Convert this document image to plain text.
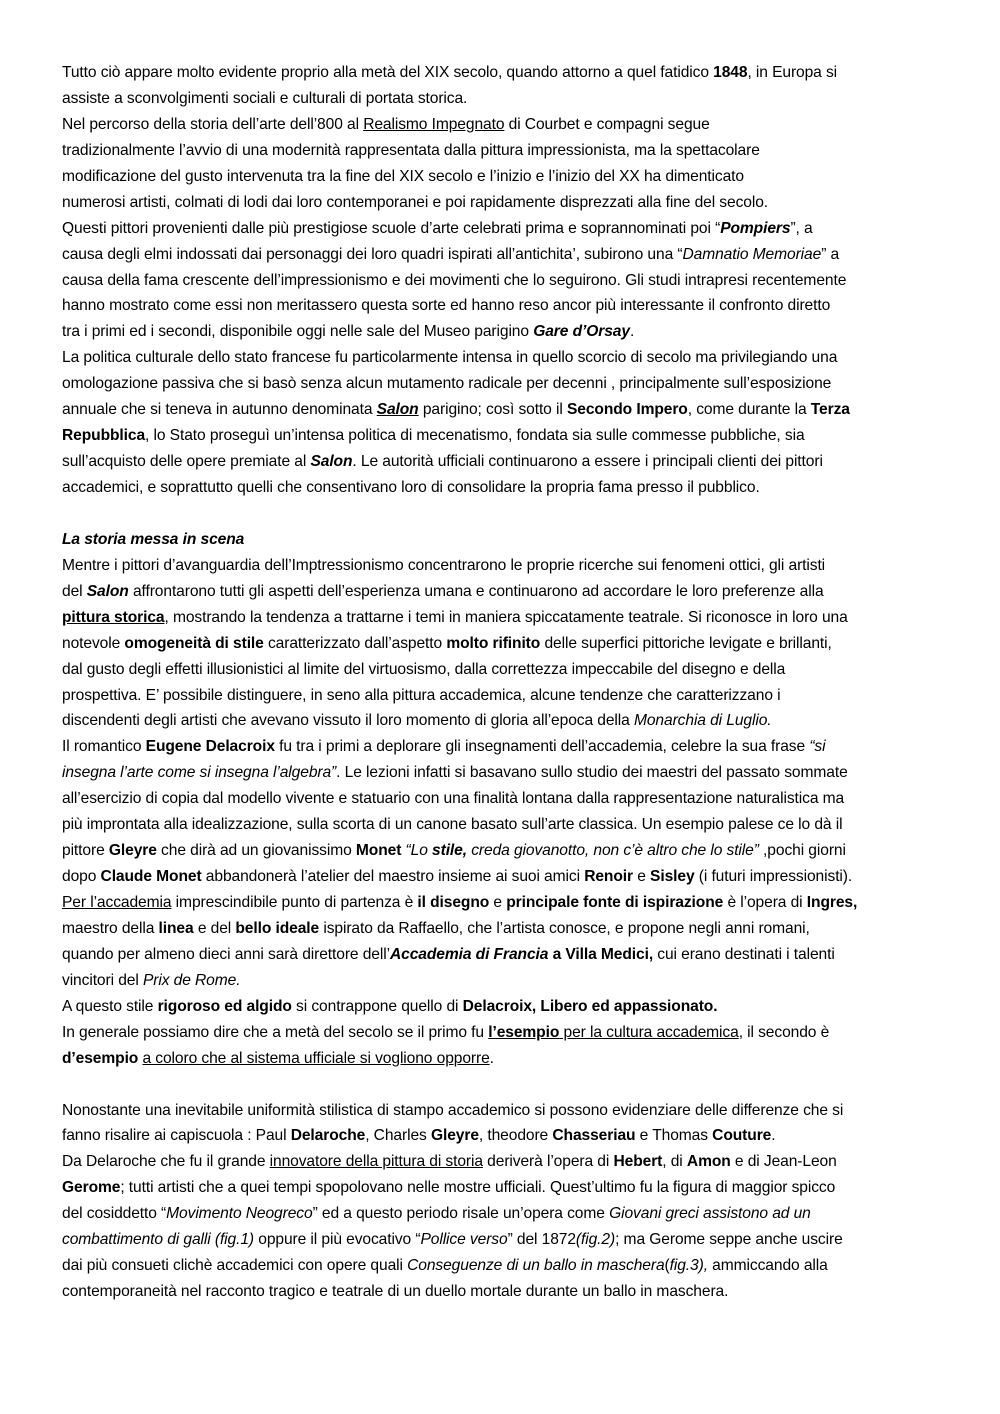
Tutto ciò appare molto evidente proprio alla metà del XIX secolo, quando attorno a quel fatidico 1848, in Europa si
assiste a sconvolgimenti sociali e culturali di portata storica.
Nel percorso della storia dell’arte dell’800 al Realismo Impegnato di Courbet e compagni segue
tradizionalmente l’avvio di una modernità rappresentata dalla pittura impressionista, ma la spettacolare
modificazione del gusto intervenuta tra la fine del XIX secolo e l’inizio e l’inizio del XX ha dimenticato
numerosi artisti, colmati di lodi dai loro contemporanei e poi rapidamente disprezzati alla fine del secolo.
Questi pittori provenienti dalle più prestigiose scuole d’arte celebrati prima e soprannominati poi “Pompiers”, a
causa degli elmi indossati dai personaggi dei loro quadri ispirati all’antichita’, subirono una “Damnatio Memoriae” a
causa della fama crescente dell’impressionismo e dei movimenti che lo seguirono. Gli studi intrapresi recentemente
hanno mostrato come essi non meritassero questa sorte ed hanno reso ancor più interessante il confronto diretto
tra i primi ed i secondi, disponibile oggi nelle sale del Museo parigino Gare d’Orsay.
La politica culturale dello stato francese fu particolarmente intensa in quello scorcio di secolo ma privilegiando una
omologazione passiva che si basò senza alcun mutamento radicale per decenni , principalmente sull’esposizione
annuale che si teneva in autunno denominata Salon parigino; così sotto il Secondo Impero, come durante la Terza
Repubblica, lo Stato proseguì un’intensa politica di mecenatismo, fondata sia sulle commesse pubbliche, sia
sull’acquisto delle opere premiate al Salon. Le autorità ufficiali continuarono a essere i principali clienti dei pittori
accademici, e soprattutto quelli che consentivano loro di consolidare la propria fama presso il pubblico.
La storia messa in scena
Mentre i pittori d’avanguardia dell’Imptressionismo concentrarono le proprie ricerche sui fenomeni ottici, gli artisti
del Salon affrontarono tutti gli aspetti dell’esperienza umana e continuarono ad accordare le loro preferenze alla
pittura storica, mostrando la tendenza a trattarne i temi in maniera spiccatamente teatrale. Si riconosce in loro una
notevole omogeneità di stile caratterizzato dall’aspetto molto rifinito delle superfici pittoriche levigate e brillanti,
dal gusto degli effetti illusionistici al limite del virtuosismo, dalla correttezza impeccabile del disegno e della
prospettiva. E’ possibile distinguere, in seno alla pittura accademica, alcune tendenze che caratterizzano i
discendenti degli artisti che avevano vissuto il loro momento di gloria all’epoca della Monarchia di Luglio.
Il romantico Eugene Delacroix fu tra i primi a deplorare gli insegnamenti dell’accademia, celebre la sua frase “si
insegna l’arte come si insegna l’algebra”. Le lezioni infatti si basavano sullo studio dei maestri del passato sommate
all’esercizio di copia dal modello vivente e statuario con una finalità lontana dalla rappresentazione naturalistica ma
più improntata alla idealizzazione, sulla scorta di un canone basato sull’arte classica. Un esempio palese ce lo dà il
pittore Gleyre che dirà ad un giovanissimo Monet “Lo stile, creda giovanotto, non c’è altro che lo stile” ,pochi giorni
dopo Claude Monet abbandonerà l’atelier del maestro insieme ai suoi amici Renoir e Sisley (i futuri impressionisti).
Per l’accademia imprescindibile punto di partenza è il disegno e principale fonte di ispirazione è l’opera di Ingres,
maestro della linea e del bello ideale ispirato da Raffaello, che l’artista conosce, e propone negli anni romani,
quando per almeno dieci anni sarà direttore dell’Accademia di Francia a Villa Medici, cui erano destinati i talenti
vincitori del Prix de Rome.
A questo stile rigoroso ed algido si contrappone quello di Delacroix, Libero ed appassionato.
In generale possiamo dire che a metà del secolo se il primo fu l’esempio per la cultura accademica, il secondo è
d’esempio a coloro che al sistema ufficiale si vogliono opporre.
Nonostante una inevitabile uniformità stilistica di stampo accademico si possono evidenziare delle differenze che si
fanno risalire ai capiscuola : Paul Delaroche, Charles Gleyre, theodore Chasseriau e Thomas Couture.
Da Delaroche che fu il grande innovatore della pittura di storia deriverà l’opera di Hebert, di Amon e di Jean-Leon
Gerome; tutti artisti che a quei tempi spopolovano nelle mostre ufficiali. Quest’ultimo fu la figura di maggior spicco
del cosiddetto “Movimento Neogreco” ed a questo periodo risale un’opera come Giovani greci assistono ad un
combattimento di galli (fig.1) oppure il più evocativo “Pollice verso” del 1872(fig.2); ma Gerome seppe anche uscire
dai più consueti clichè accademici con opere quali Conseguenze di un ballo in maschera(fig.3), ammiccando alla
contemporaneità nel racconto tragico e teatrale di un duello mortale durante un ballo in maschera.
